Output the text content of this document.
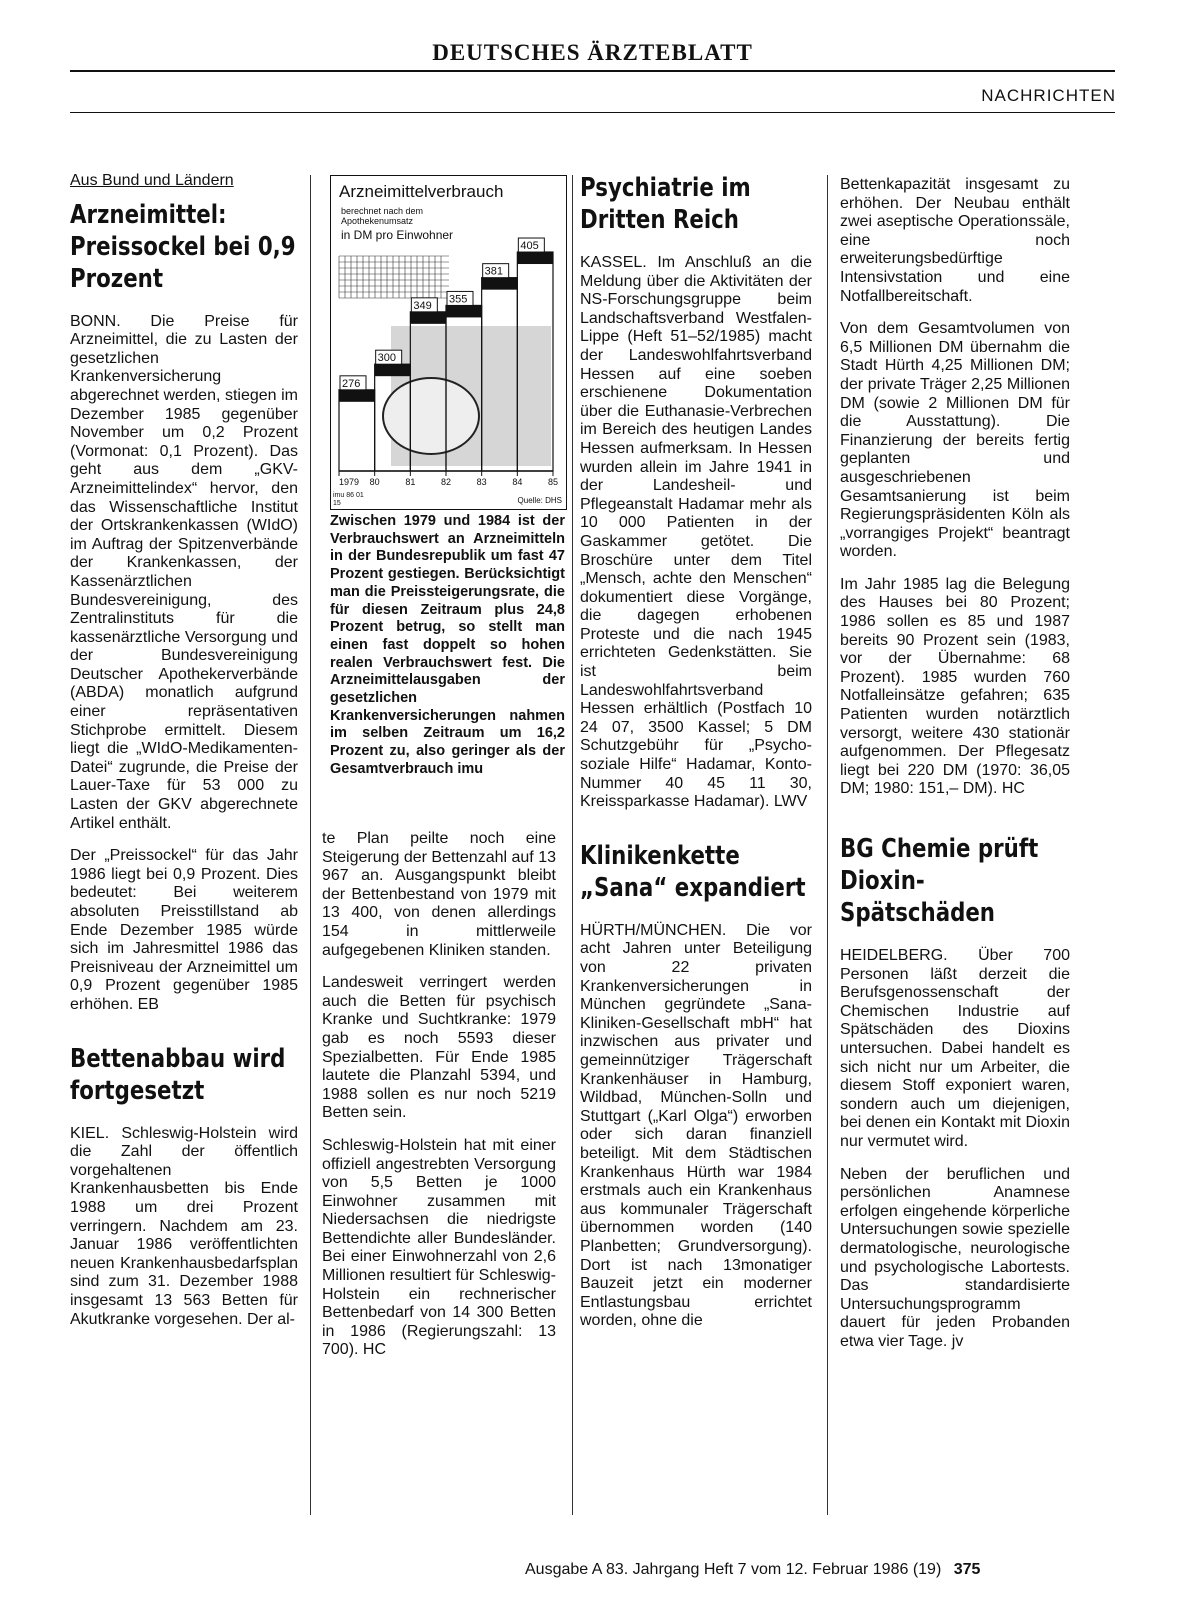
DEUTSCHES ÄRZTEBLATT
NACHRICHTEN
Aus Bund und Ländern
Arzneimittel: Preissockel bei 0,9 Prozent

BONN. Die Preise für Arzneimittel, die zu Lasten der gesetzlichen Krankenversicherung abgerechnet werden, stiegen im Dezember 1985 gegenüber November um 0,2 Prozent (Vormonat: 0,1 Prozent). Das geht aus dem „GKV-Arzneimittelindex“ hervor, den das Wissenschaftliche Institut der Ortskrankenkassen (WIdO) im Auftrag der Spitzenverbände der Krankenkassen, der Kassenärztlichen Bundesvereinigung, des Zentralinstituts für die kassenärztliche Versorgung und der Bundesvereinigung Deutscher Apothekerverbände (ABDA) monatlich aufgrund einer repräsentativen Stichprobe ermittelt. Diesem liegt die „WIdO-Medikamenten-Datei“ zugrunde, die Preise der Lauer-Taxe für 53 000 zu Lasten der GKV abgerechnete Artikel enthält.

Der „Preissockel“ für das Jahr 1986 liegt bei 0,9 Prozent. Dies bedeutet: Bei weiterem absoluten Preisstillstand ab Ende Dezember 1985 würde sich im Jahresmittel 1986 das Preisniveau der Arzneimittel um 0,9 Prozent gegenüber 1985 erhöhen. EB

Bettenabbau wird fortgesetzt

KIEL. Schleswig-Holstein wird die Zahl der öffentlich vorgehaltenen Krankenhausbetten bis Ende 1988 um drei Prozent verringern. Nachdem am 23. Januar 1986 veröffentlichten neuen Krankenhausbedarfsplan sind zum 31. Dezember 1988 insgesamt 13 563 Betten für Akutkranke vorgesehen. Der al-

Arzneimittelverbrauch
berechnet nach dem Apothekenumsatz
in DM pro Einwohner
276
300
349
355
381
405
1979 80	81	82	83	84	85
imu 86 01 15	Quelle: DHS
Zwischen 1979 und 1984 ist der Verbrauchswert an Arzneimitteln in der Bundesrepublik um fast 47 Prozent gestiegen. Berücksichtigt man die Preissteigerungsrate, die für diesen Zeitraum plus 24,8 Prozent betrug, so stellt man einen fast doppelt so hohen realen Verbrauchswert fest. Die Arzneimittelausgaben der gesetzlichen Krankenversicherungen nahmen im selben Zeitraum um 16,2 Prozent zu, also geringer als der Gesamtverbrauch imu

te Plan peilte noch eine Steigerung der Bettenzahl auf 13 967 an. Ausgangspunkt bleibt der Bettenbestand von 1979 mit 13 400, von denen allerdings 154 in mittlerweile aufgegebenen Kliniken standen.

Landesweit verringert werden auch die Betten für psychisch Kranke und Suchtkranke: 1979 gab es noch 5593 dieser Spezialbetten. Für Ende 1985 lautete die Planzahl 5394, und 1988 sollen es nur noch 5219 Betten sein.

Schleswig-Holstein hat mit einer offiziell angestrebten Versorgung von 5,5 Betten je 1000 Einwohner zusammen mit Niedersachsen die niedrigste Bettendichte aller Bundesländer. Bei einer Einwohnerzahl von 2,6 Millionen resultiert für Schleswig-Holstein ein rechnerischer Bettenbedarf von 14 300 Betten in 1986 (Regierungszahl: 13 700). HC

Psychiatrie im Dritten Reich

KASSEL. Im Anschluß an die Meldung über die Aktivitäten der NS-Forschungsgruppe beim Landschaftsverband Westfalen-Lippe (Heft 51–52/1985) macht der Landeswohlfahrtsverband Hessen auf eine soeben erschienene Dokumentation über die Euthanasie-Verbrechen im Bereich des heutigen Landes Hessen aufmerksam. In Hessen wurden allein im Jahre 1941 in der Landesheil- und Pflegeanstalt Hadamar mehr als 10 000 Patienten in der Gaskammer getötet. Die Broschüre unter dem Titel „Mensch, achte den Menschen“ dokumentiert diese Vorgänge, die dagegen erhobenen Proteste und die nach 1945 errichteten Gedenkstätten. Sie ist beim Landeswohlfahrtsverband Hessen erhältlich (Postfach 10 24 07, 3500 Kassel; 5 DM Schutzgebühr für „Psycho-soziale Hilfe“ Hadamar, Konto-Nummer 40 45 11 30, Kreissparkasse Hadamar). LWV

Klinikenkette „Sana“ expandiert

HÜRTH/MÜNCHEN. Die vor acht Jahren unter Beteiligung von 22 privaten Krankenversicherungen in München gegründete „Sana-Kliniken-Gesellschaft mbH“ hat inzwischen aus privater und gemeinnütziger Trägerschaft Krankenhäuser in Hamburg, Wildbad, München-Solln und Stuttgart („Karl Olga“) erworben oder sich daran finanziell beteiligt. Mit dem Städtischen Krankenhaus Hürth war 1984 erstmals auch ein Krankenhaus aus kommunaler Trägerschaft übernommen worden (140 Planbetten; Grundversorgung). Dort ist nach 13monatiger Bauzeit jetzt ein moderner Entlastungsbau errichtet worden, ohne die

Bettenkapazität insgesamt zu erhöhen. Der Neubau enthält zwei aseptische Operationssäle, eine noch erweiterungsbedürftige Intensivstation und eine Notfallbereitschaft.

Von dem Gesamtvolumen von 6,5 Millionen DM übernahm die Stadt Hürth 4,25 Millionen DM; der private Träger 2,25 Millionen DM (sowie 2 Millionen DM für die Ausstattung). Die Finanzierung der bereits fertig geplanten und ausgeschriebenen Gesamtsanierung ist beim Regierungspräsidenten Köln als „vorrangiges Projekt“ beantragt worden.

Im Jahr 1985 lag die Belegung des Hauses bei 80 Prozent; 1986 sollen es 85 und 1987 bereits 90 Prozent sein (1983, vor der Übernahme: 68 Prozent). 1985 wurden 760 Notfalleinsätze gefahren; 635 Patienten wurden notärztlich versorgt, weitere 430 stationär aufgenommen. Der Pflegesatz liegt bei 220 DM (1970: 36,05 DM; 1980: 151,– DM). HC

BG Chemie prüft Dioxin-Spätschäden

HEIDELBERG. Über 700 Personen läßt derzeit die Berufsgenossenschaft der Chemischen Industrie auf Spätschäden des Dioxins untersuchen. Dabei handelt es sich nicht nur um Arbeiter, die diesem Stoff exponiert waren, sondern auch um diejenigen, bei denen ein Kontakt mit Dioxin nur vermutet wird.

Neben der beruflichen und persönlichen Anamnese erfolgen eingehende körperliche Untersuchungen sowie spezielle dermatologische, neurologische und psychologische Labortests. Das standardisierte Untersuchungsprogramm dauert für jeden Probanden etwa vier Tage. jv

Ausgabe A 83. Jahrgang Heft 7 vom 12. Februar 1986 (19) 375
